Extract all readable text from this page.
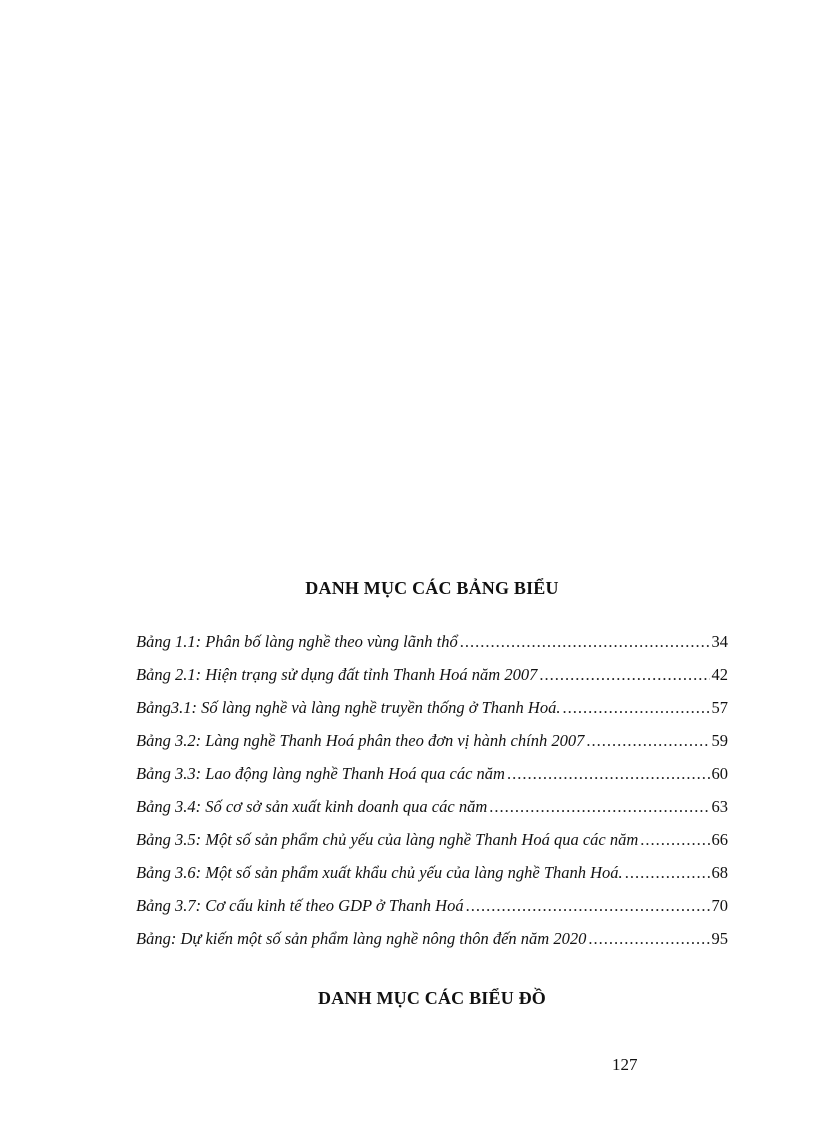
DANH MỤC CÁC BẢNG BIỂU
Bảng 1.1: Phân bố làng nghề theo vùng lãnh thổ .....	34
Bảng 2.1: Hiện trạng sử dụng đất tỉnh Thanh Hoá năm 2007 .....	42
Bảng3.1: Số làng nghề và làng nghề truyền thống ở Thanh Hoá. .....	57
Bảng 3.2: Làng nghề Thanh Hoá phân theo đơn vị hành chính 2007 .....	59
Bảng 3.3: Lao động làng nghề Thanh Hoá qua các năm .....	60
Bảng 3.4: Số cơ sở sản xuất kinh doanh qua các năm .....	63
Bảng 3.5: Một số sản phẩm chủ yếu của làng nghề Thanh Hoá qua các năm .....	66
Bảng 3.6: Một số sản phẩm xuất khẩu chủ yếu của làng nghề Thanh Hoá. .....	68
Bảng 3.7: Cơ cấu kinh tế theo GDP ở Thanh Hoá .....	70
Bảng: Dự kiến một số sản phẩm làng nghề nông thôn đến năm 2020 .....	95
DANH MỤC CÁC BIỂU ĐỒ
127
